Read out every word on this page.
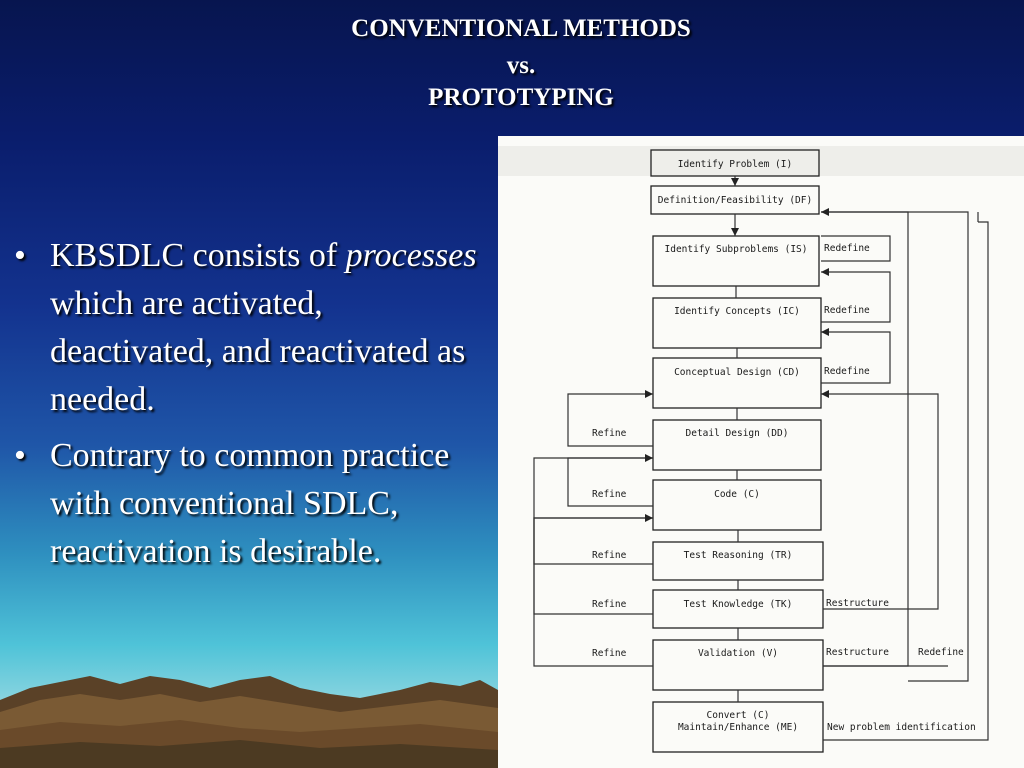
CONVENTIONAL METHODS
vs.
PROTOTYPING
• KBSDLC consists of processes which are activated, deactivated, and reactivated as needed.
• Contrary to common practice with conventional SDLC, reactivation is desirable.
Identify Problem (I)
Definition/Feasibility (DF)
Identify Subproblems (IS)
Identify Concepts (IC)
Conceptual Design (CD)
Detail Design (DD)
Code (C)
Test Reasoning (TR)
Test Knowledge (TK)
Validation (V)
Convert (C)
Maintain/Enhance (ME)
Redefine
Redefine
Redefine
Restructure
Restructure	Redefine
New problem identification
Refine
Refine
Refine
Refine
Refine
